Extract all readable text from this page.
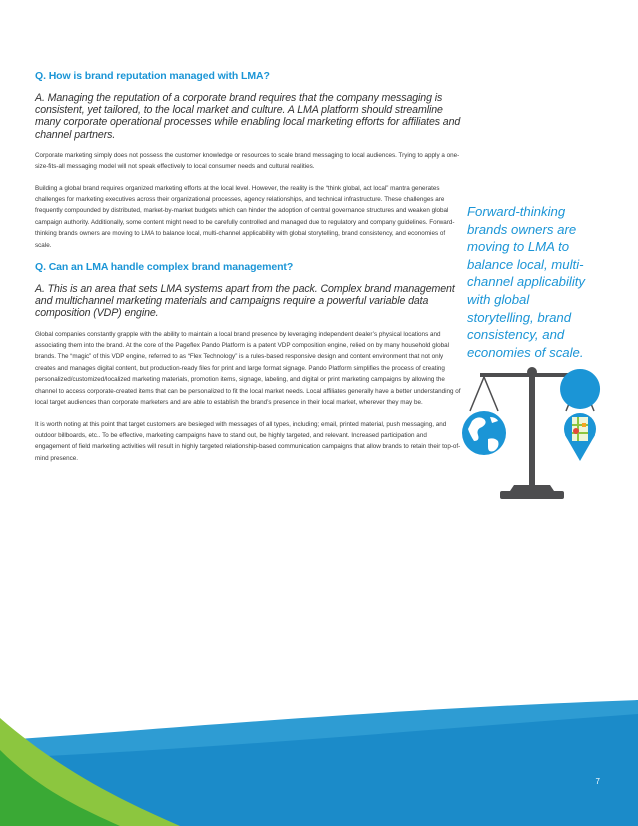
Q. How is brand reputation managed with LMA?

A. Managing the reputation of a corporate brand requires that the company messaging is consistent, yet tailored, to the local market and culture. A LMA platform should streamline many corporate operational processes while enabling local marketing efforts for affiliates and channel partners.

Corporate marketing simply does not possess the customer knowledge or resources to scale brand messaging to local audiences. Trying to apply a one-size-fits-all messaging model will not speak effectively to local consumer needs and cultural realities.

Building a global brand requires organized marketing efforts at the local level. However, the reality is the “think global, act local” mantra generates challenges for marketing executives across their organizational processes, agency relationships, and technical infrastructure. These challenges are frequently compounded by distributed, market-by-market budgets which can hinder the adoption of central governance structures and weaken global campaign authority. Additionally, some content might need to be carefully controlled and managed due to regulatory and company guidelines. Forward-thinking brands owners are moving to LMA to balance local, multi-channel applicability with global storytelling, brand consistency, and economies of scale.

Q. Can an LMA handle complex brand management?

A. This is an area that sets LMA systems apart from the pack. Complex brand management and multichannel marketing materials and campaigns require a powerful variable data composition (VDP) engine.

Global companies constantly grapple with the ability to maintain a local brand presence by leveraging independent dealer’s physical locations and associating them into the brand. At the core of the Pageflex Pando Platform is a patent VDP composition engine, relied on by many household global brands. The “magic” of this VDP engine, referred to as “Flex Technology” is a rules-based responsive design and content environment that not only creates and manages digital content, but production-ready files for print and large format signage. Pando Platform simplifies the process of creating personalized/customized/localized marketing materials, promotion items, signage, labeling, and digital or print marketing campaigns by allowing the channel to access corporate-created items that can be personalized to fit the local market needs. Local affiliates generally have a better understanding of local target audiences than corporate marketers and are able to establish the brand’s presence in their local market, wherever they may be.

It is worth noting at this point that target customers are besieged with messages of all types, including; email, printed material, push messaging, and outdoor billboards, etc.. To be effective, marketing campaigns have to stand out, be highly targeted, and relevant. Increased participation and engagement of field marketing activities will result in highly targeted relationship-based communication campaigns that allow brands to retain their top-of-mind presence.

Forward-thinking brands owners are moving to LMA to balance local, multi-channel applicability with global storytelling, brand consistency, and economies of scale.

7
